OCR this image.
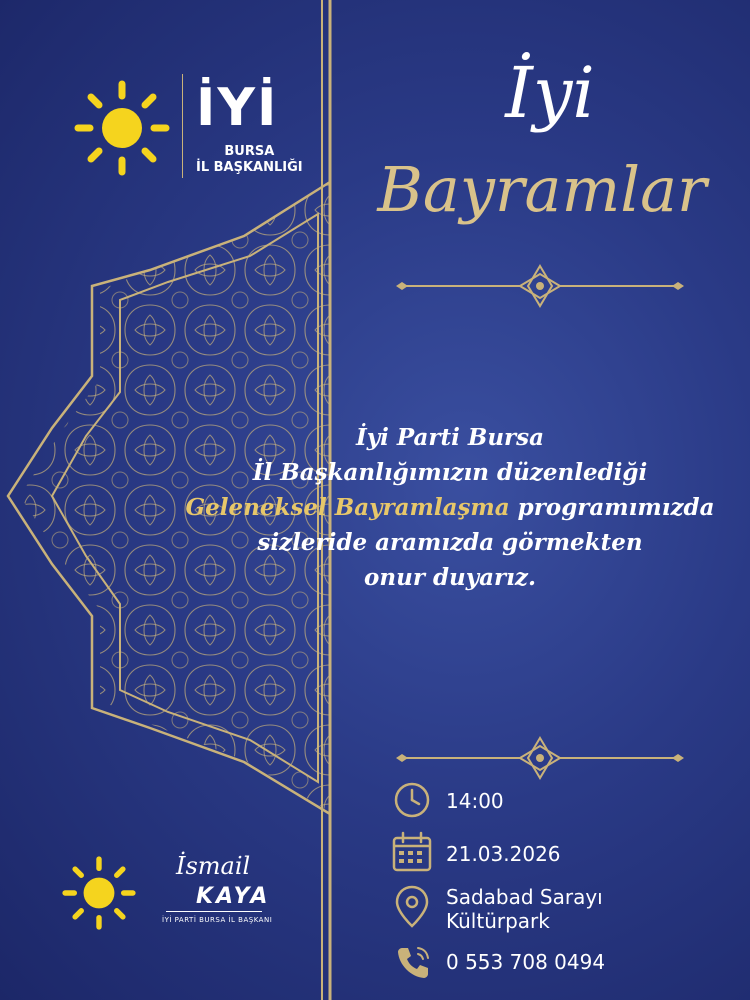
İYİ
BURSA
İL BAŞKANLIĞI
İyi
Bayramlar
İyi Parti Bursa
İl Başkanlığımızın düzenlediği
Geleneksel Bayramlaşma programımızda
sizleride aramızda görmekten
onur duyarız.
14:00
21.03.2026
Sadabad Sarayı
Kültürpark
0 553 708 0494
İsmail
KAYA
İYİ PARTİ BURSA İL BAŞKANI
